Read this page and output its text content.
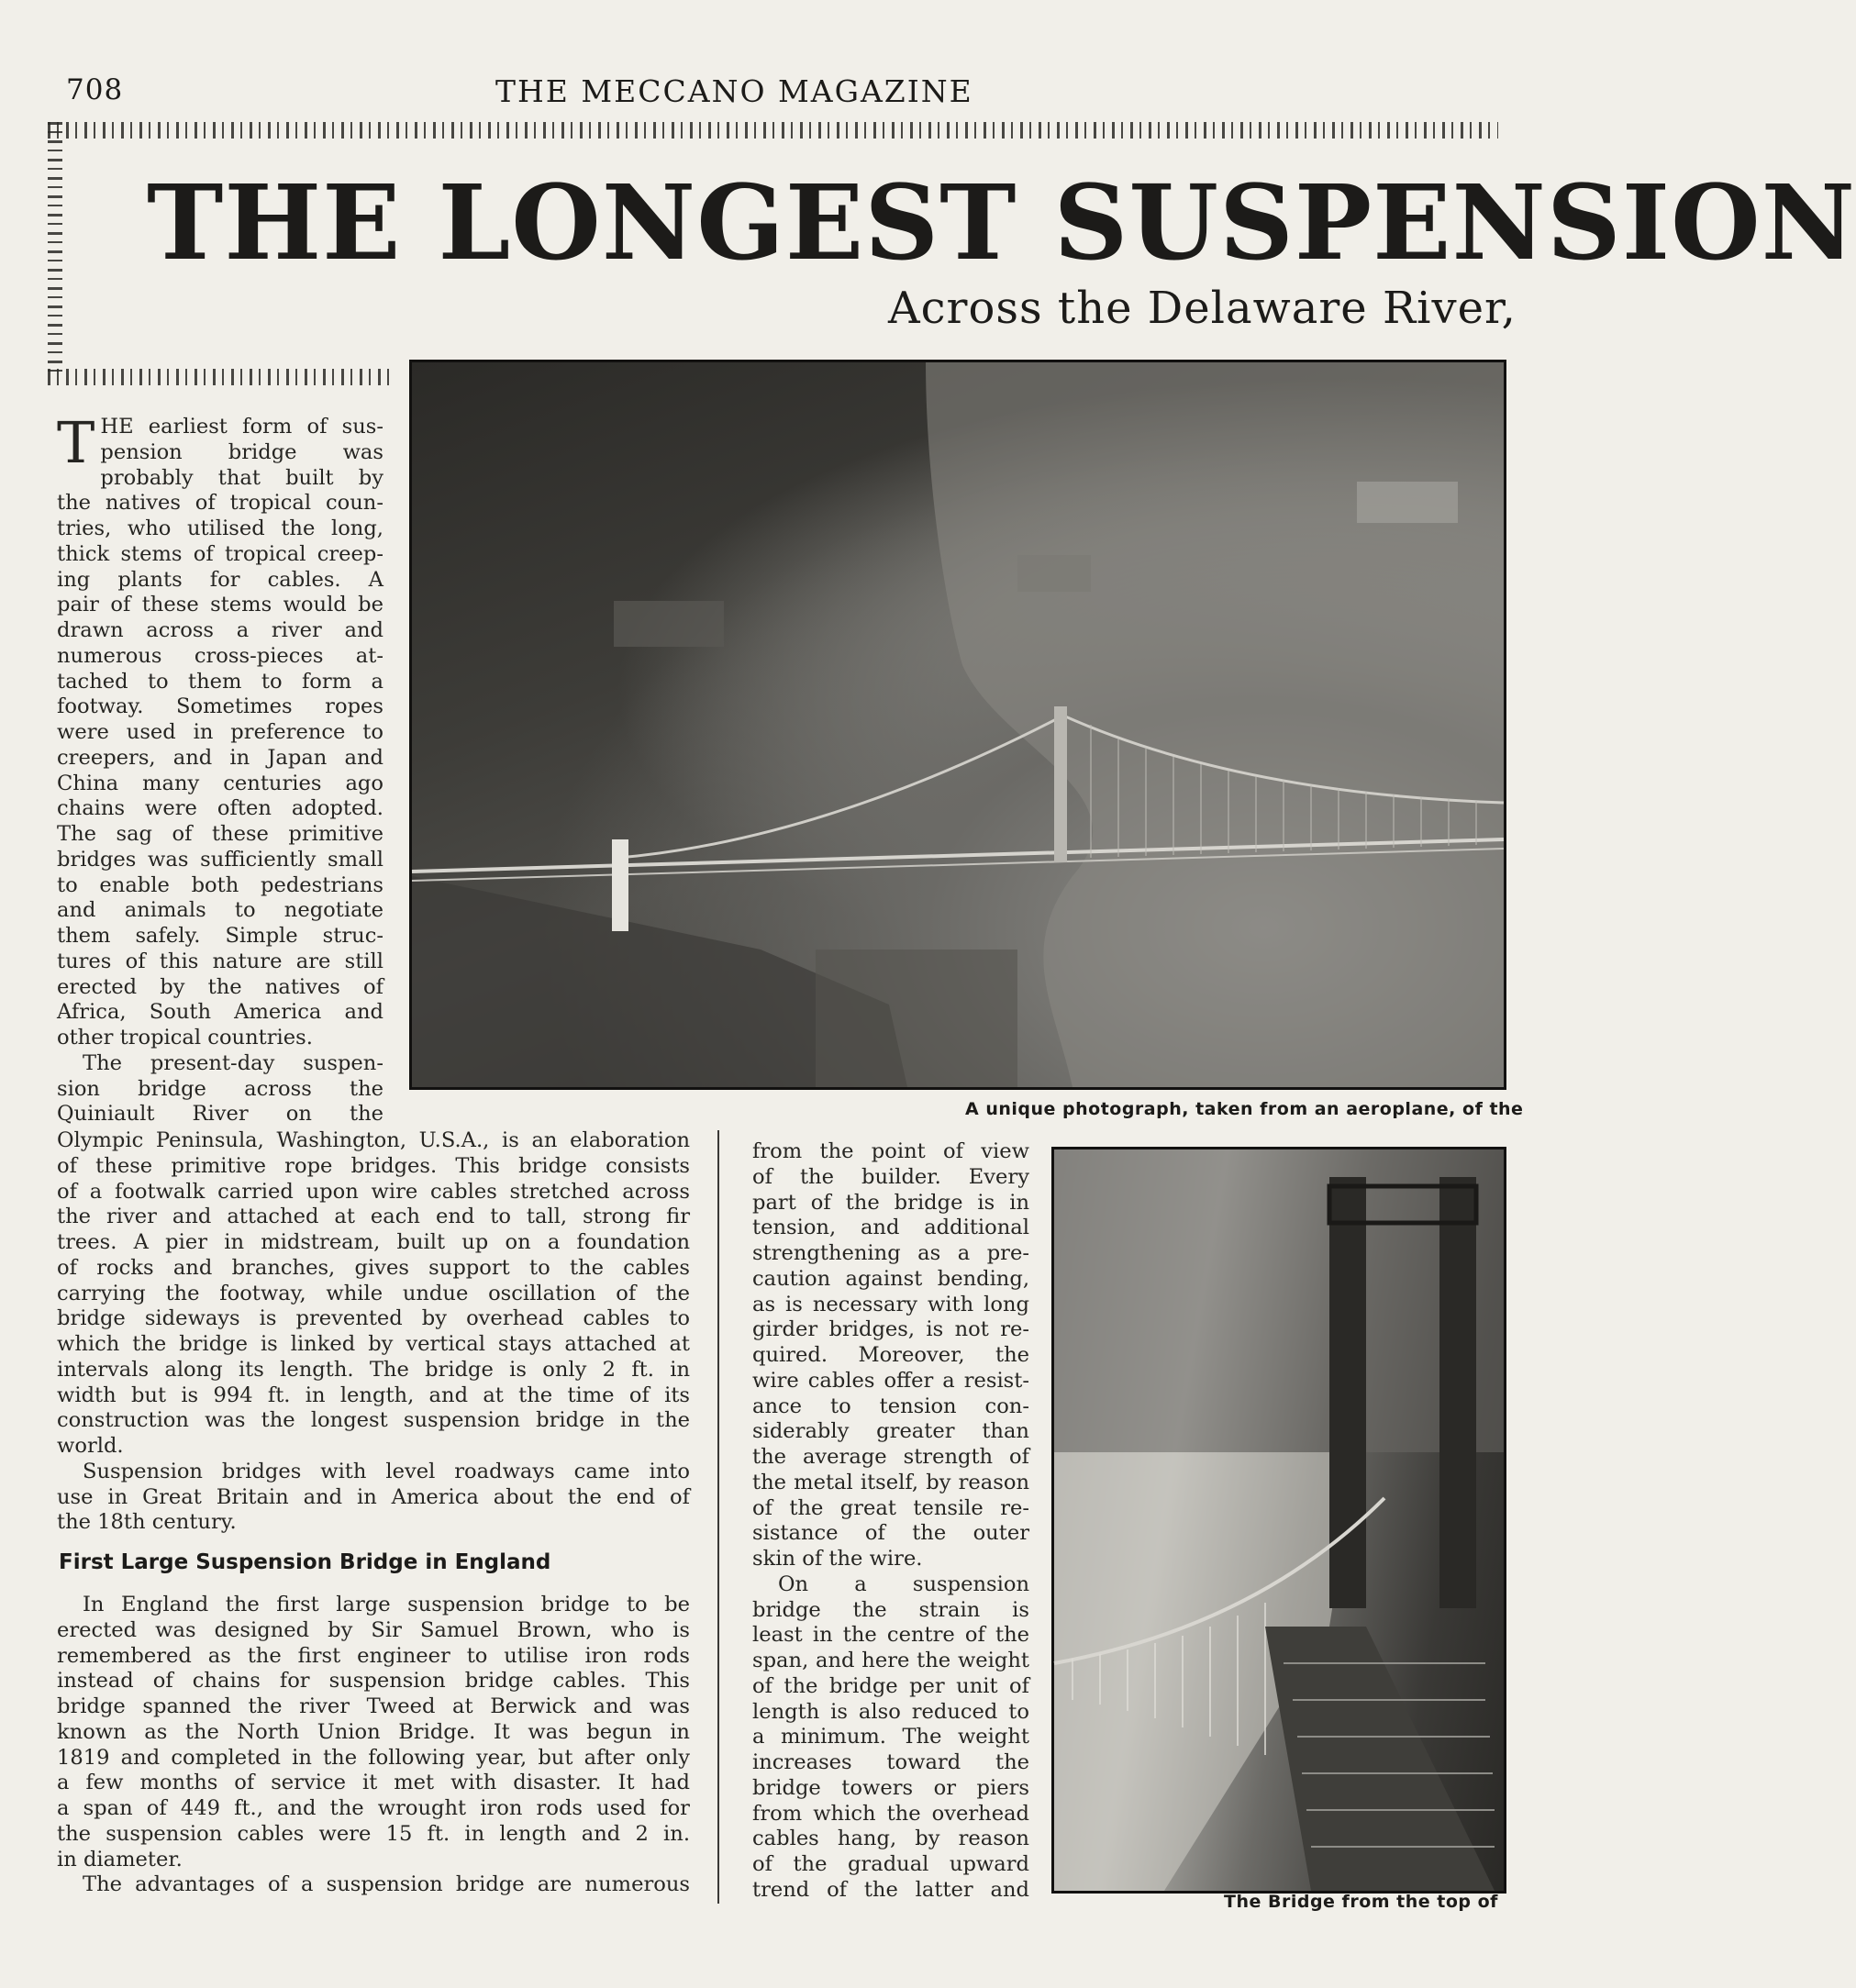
708	THE MECCANO MAGAZINE
THE LONGEST SUSPENSION
Across the Delaware River,
A unique photograph, taken from an aeroplane, of the
The Bridge from the top of
T HE earliest form of sus-
pension bridge was
probably that built by
the natives of tropical coun-
tries, who utilised the long,
thick stems of tropical creep-
ing plants for cables. A
pair of these stems would be
drawn across a river and
numerous cross-pieces at-
tached to them to form a
footway. Sometimes ropes
were used in preference to
creepers, and in Japan and
China many centuries ago
chains were often adopted.
The sag of these primitive
bridges was sufficiently small
to enable both pedestrians
and animals to negotiate
them safely. Simple struc-
tures of this nature are still
erected by the natives of
Africa, South America and
other tropical countries.
The present-day suspen-
sion bridge across the
Quiniault River on the
Olympic Peninsula, Washington, U.S.A., is an elaboration
of these primitive rope bridges. This bridge consists
of a footwalk carried upon wire cables stretched across
the river and attached at each end to tall, strong fir
trees. A pier in midstream, built up on a foundation
of rocks and branches, gives support to the cables
carrying the footway, while undue oscillation of the
bridge sideways is prevented by overhead cables to
which the bridge is linked by vertical stays attached at
intervals along its length. The bridge is only 2 ft. in
width but is 994 ft. in length, and at the time of its
construction was the longest suspension bridge in the
world.
Suspension bridges with level roadways came into
use in Great Britain and in America about the end of
the 18th century.
In England the first large suspension bridge to be
erected was designed by Sir Samuel Brown, who is
remembered as the first engineer to utilise iron rods
instead of chains for suspension bridge cables. This
bridge spanned the river Tweed at Berwick and was
known as the North Union Bridge. It was begun in
1819 and completed in the following year, but after only
a few months of service it met with disaster. It had
a span of 449 ft., and the wrought iron rods used for
the suspension cables were 15 ft. in length and 2 in.
in diameter.
The advantages of a suspension bridge are numerous
First Large Suspension Bridge in England
from the point of view
of the builder. Every
part of the bridge is in
tension, and additional
strengthening as a pre-
caution against bending,
as is necessary with long
girder bridges, is not re-
quired. Moreover, the
wire cables offer a resist-
ance to tension con-
siderably greater than
the average strength of
the metal itself, by reason
of the great tensile re-
sistance of the outer
skin of the wire.
On a suspension
bridge the strain is
least in the centre of the
span, and here the weight
of the bridge per unit of
length is also reduced to
a minimum. The weight
increases toward the
bridge towers or piers
from which the overhead
cables hang, by reason
of the gradual upward
trend of the latter and
